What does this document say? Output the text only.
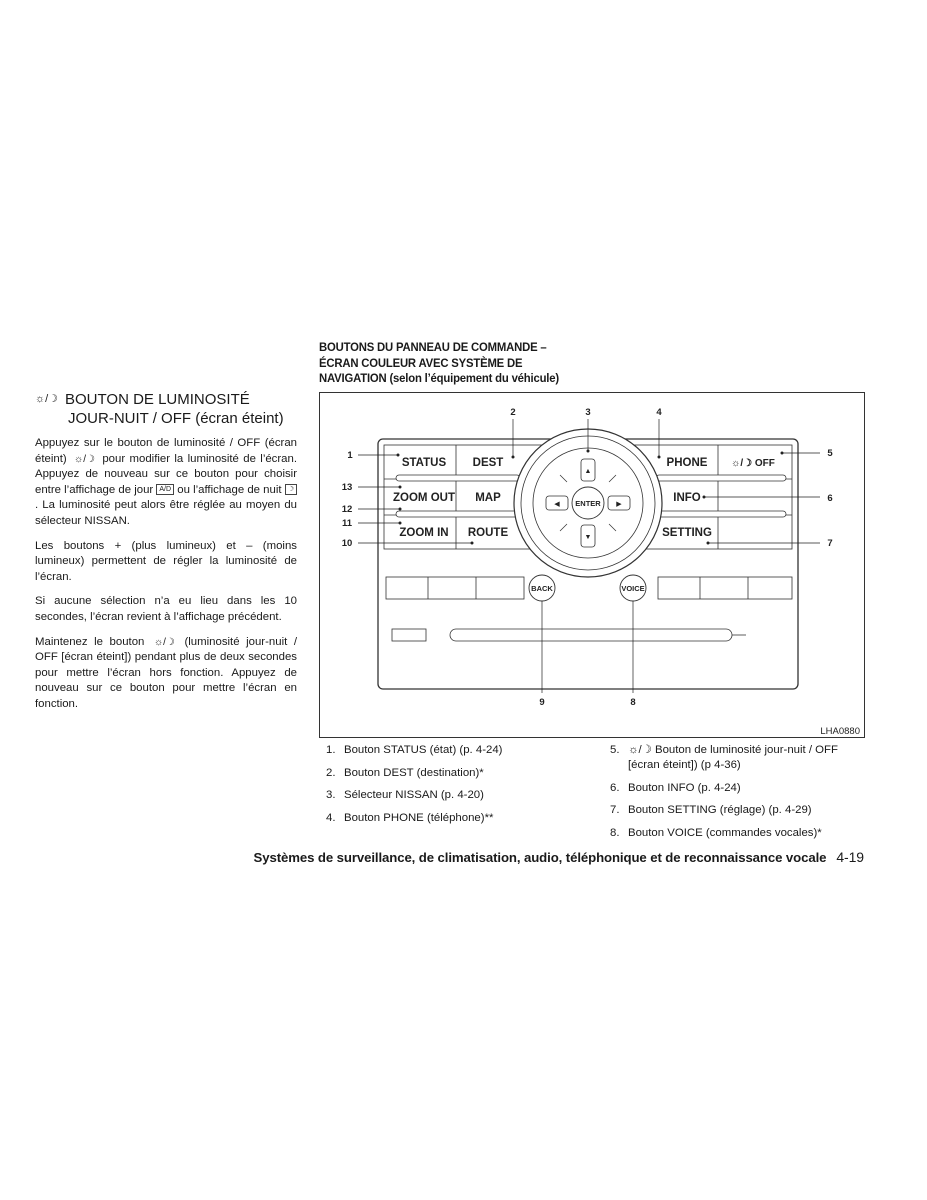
☼/☽ BOUTON DE LUMINOSITÉ
JOUR-NUIT / OFF (écran éteint)

Appuyez sur le bouton de luminosité / OFF (écran éteint) ☼/☽ pour modifier la luminosité de l’écran. Appuyez de nouveau sur ce bouton pour choisir entre l’affichage de jour A/D ou l’affichage de nuit ☽ . La luminosité peut alors être réglée au moyen du sélecteur NISSAN.

Les boutons + (plus lumineux) et – (moins lumineux) permettent de régler la luminosité de l’écran.

Si aucune sélection n’a eu lieu dans les 10 secondes, l’écran revient à l’affichage précédent.

Maintenez le bouton ☼/☽ (luminosité jour-nuit / OFF [écran éteint]) pendant plus de deux secondes pour mettre l’écran hors fonction. Appuyez de nouveau sur ce bouton pour mettre l’écran en fonction.

BOUTONS DU PANNEAU DE COMMANDE –
ÉCRAN COULEUR AVEC SYSTÈME DE
NAVIGATION (selon l’équipement du véhicule)
STATUS DEST
ZOOM OUT MAP
ZOOM IN ROUTE
PHONE
INFO
SETTING
☼/☽ OFF
ENTER
▲
▼
◀	▶
BACK	VOICE
1
2	3	4
5
6
7
8
9
10
11
12
13
LHA0880
1. Bouton STATUS (état) (p. 4-24)
2. Bouton DEST (destination)*
3. Sélecteur NISSAN (p. 4-20)
4. Bouton PHONE (téléphone)**
5. ☼/☽ Bouton de luminosité jour-nuit / OFF [écran éteint]) (p 4-36)
6. Bouton INFO (p. 4-24)
7. Bouton SETTING (réglage) (p. 4-29)
8. Bouton VOICE (commandes vocales)*
Systèmes de surveillance, de climatisation, audio, téléphonique et de reconnaissance vocale 4-19
